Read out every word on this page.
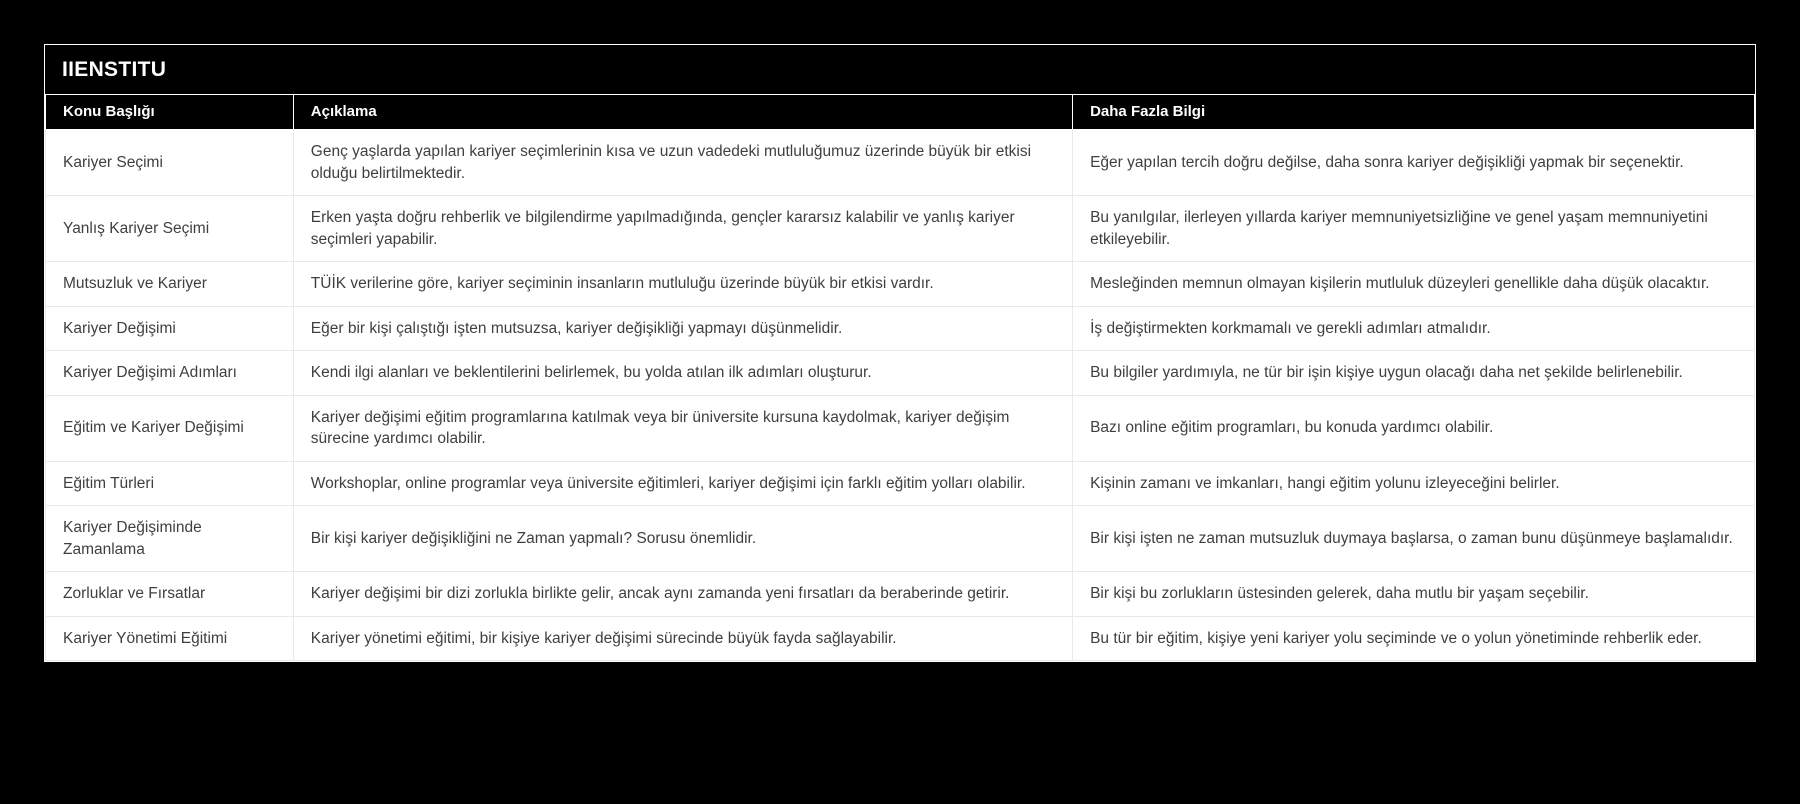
IIENSTITU
Konu Başlığı	Açıklama	Daha Fazla Bilgi
Kariyer Seçimi	Genç yaşlarda yapılan kariyer seçimlerinin kısa ve uzun vadedeki mutluluğumuz üzerinde büyük bir etkisi olduğu belirtilmektedir.	Eğer yapılan tercih doğru değilse, daha sonra kariyer değişikliği yapmak bir seçenektir.
Yanlış Kariyer Seçimi	Erken yaşta doğru rehberlik ve bilgilendirme yapılmadığında, gençler kararsız kalabilir ve yanlış kariyer seçimleri yapabilir.	Bu yanılgılar, ilerleyen yıllarda kariyer memnuniyetsizliğine ve genel yaşam memnuniyetini etkileyebilir.
Mutsuzluk ve Kariyer	TÜİK verilerine göre, kariyer seçiminin insanların mutluluğu üzerinde büyük bir etkisi vardır.	Mesleğinden memnun olmayan kişilerin mutluluk düzeyleri genellikle daha düşük olacaktır.
Kariyer Değişimi	Eğer bir kişi çalıştığı işten mutsuzsa, kariyer değişikliği yapmayı düşünmelidir.	İş değiştirmekten korkmamalı ve gerekli adımları atmalıdır.
Kariyer Değişimi Adımları	Kendi ilgi alanları ve beklentilerini belirlemek, bu yolda atılan ilk adımları oluşturur.	Bu bilgiler yardımıyla, ne tür bir işin kişiye uygun olacağı daha net şekilde belirlenebilir.
Eğitim ve Kariyer Değişimi	Kariyer değişimi eğitim programlarına katılmak veya bir üniversite kursuna kaydolmak, kariyer değişim sürecine yardımcı olabilir.	Bazı online eğitim programları, bu konuda yardımcı olabilir.
Eğitim Türleri	Workshoplar, online programlar veya üniversite eğitimleri, kariyer değişimi için farklı eğitim yolları olabilir.	Kişinin zamanı ve imkanları, hangi eğitim yolunu izleyeceğini belirler.
Kariyer Değişiminde Zamanlama	Bir kişi kariyer değişikliğini ne Zaman yapmalı? Sorusu önemlidir.	Bir kişi işten ne zaman mutsuzluk duymaya başlarsa, o zaman bunu düşünmeye başlamalıdır.
Zorluklar ve Fırsatlar	Kariyer değişimi bir dizi zorlukla birlikte gelir, ancak aynı zamanda yeni fırsatları da beraberinde getirir.	Bir kişi bu zorlukların üstesinden gelerek, daha mutlu bir yaşam seçebilir.
Kariyer Yönetimi Eğitimi	Kariyer yönetimi eğitimi, bir kişiye kariyer değişimi sürecinde büyük fayda sağlayabilir.	Bu tür bir eğitim, kişiye yeni kariyer yolu seçiminde ve o yolun yönetiminde rehberlik eder.
